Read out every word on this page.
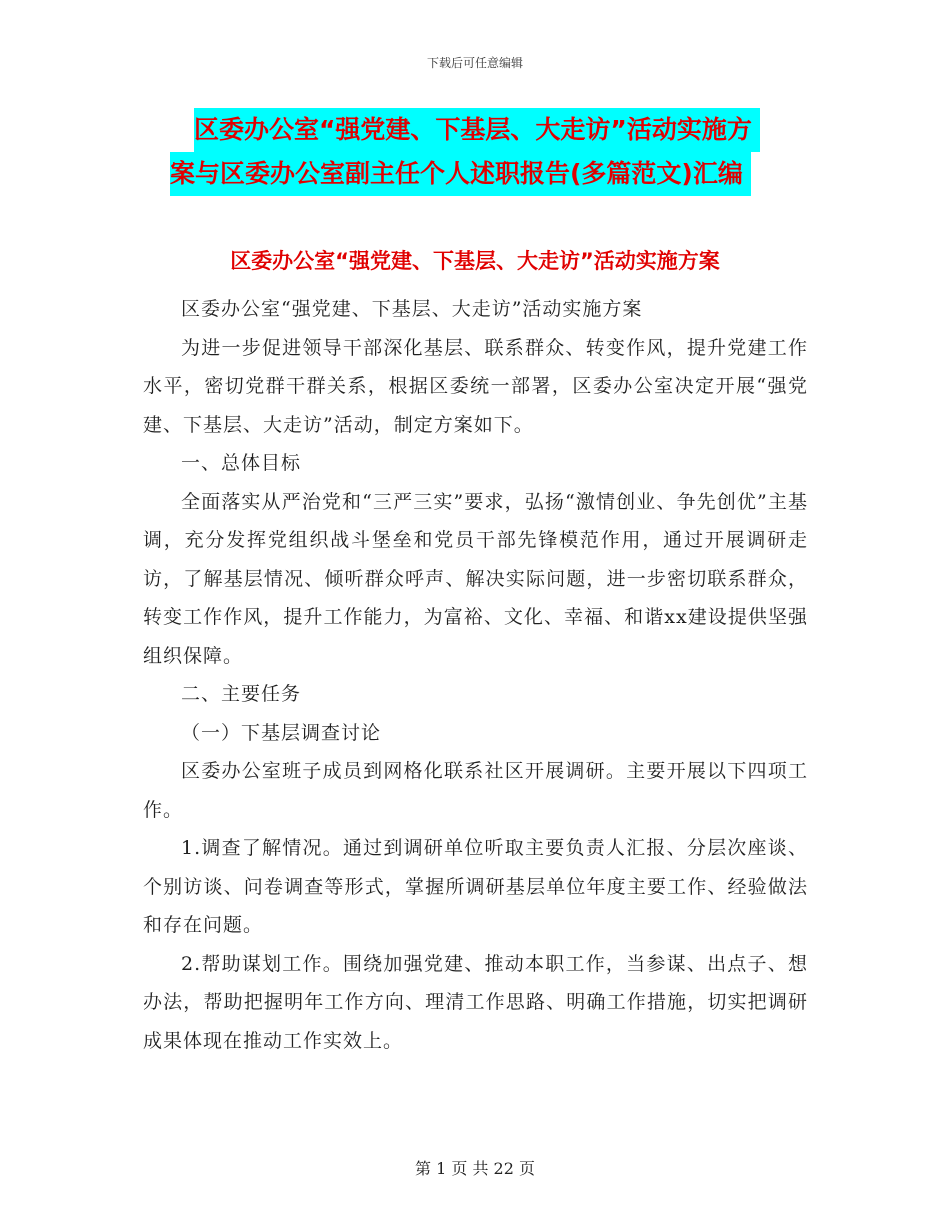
下载后可任意编辑
区委办公室“强党建、下基层、大走访”活动实施方
案与区委办公室副主任个人述职报告(多篇范文)汇编
区委办公室“强党建、下基层、大走访”活动实施方案

区委办公室“强党建、下基层、大走访”活动实施方案

为进一步促进领导干部深化基层、联系群众、转变作风，提升党建工作水平，密切党群干群关系，根据区委统一部署，区委办公室决定开展“强党建、下基层、大走访”活动，制定方案如下。

一、总体目标

全面落实从严治党和“三严三实”要求，弘扬“激情创业、争先创优”主基调，充分发挥党组织战斗堡垒和党员干部先锋模范作用，通过开展调研走访，了解基层情况、倾听群众呼声、解决实际问题，进一步密切联系群众，转变工作作风，提升工作能力，为富裕、文化、幸福、和谐xx建设提供坚强组织保障。

二、主要任务

（一）下基层调查讨论

区委办公室班子成员到网格化联系社区开展调研。主要开展以下四项工作。

1.调查了解情况。通过到调研单位听取主要负责人汇报、分层次座谈、个别访谈、问卷调查等形式，掌握所调研基层单位年度主要工作、经验做法和存在问题。

2.帮助谋划工作。围绕加强党建、推动本职工作，当参谋、出点子、想办法，帮助把握明年工作方向、理清工作思路、明确工作措施，切实把调研成果体现在推动工作实效上。

第 1 页 共 22 页
